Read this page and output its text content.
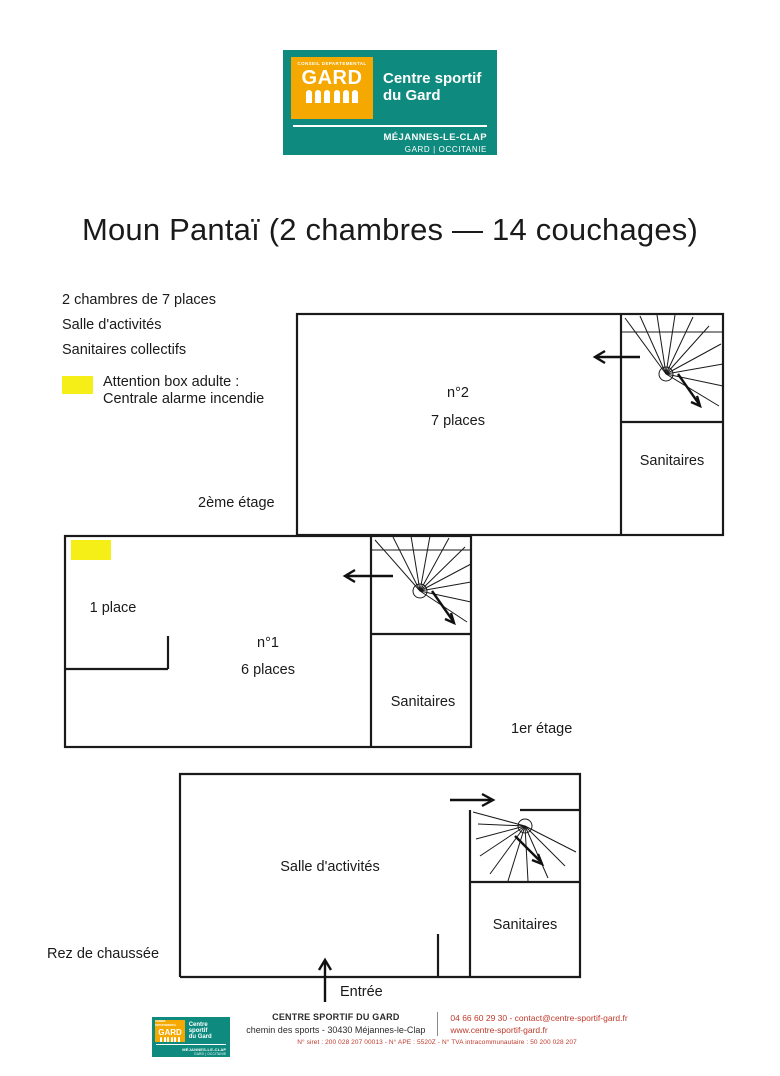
CONSEIL DEPARTEMENTAL
GARD Centre sportif
du Gard
MÉJANNES-LE-CLAP
GARD | OCCITANIE
Moun Pantaï (2 chambres — 14 couchages)
2 chambres de 7 places
Salle d'activités
Sanitaires collectifs
Attention box adulte :
Centrale alarme incendie
2ème étage
1er étage
Rez de chaussée
n°2
7 places
Sanitaires
1 place
n°1
6 places
Sanitaires
Salle d'activités
Sanitaires
Entrée
CONSEIL DEPARTEMENTAL
GARD
Centre sportif
du Gard
MÉJANNES-LE-CLAP
GARD | OCCITANIE
CENTRE SPORTIF DU GARD
chemin des sports - 30430 Méjannes-le-Clap
04 66 60 29 30 - contact@centre-sportif-gard.fr
www.centre-sportif-gard.fr
N° siret : 200 028 207 00013 - N° APE : 5520Z - N° TVA intracommunautaire : 50 200 028 207
